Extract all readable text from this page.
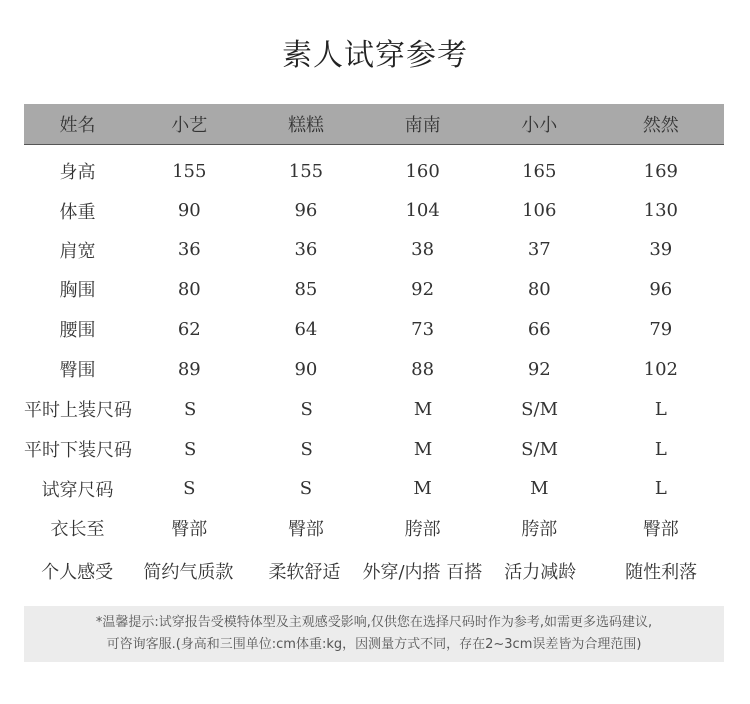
素人试穿参考
姓名	小艺	糕糕	南南	小小	然然
身高	155	155	160	165	169
体重	90	96	104	106	130
肩宽	36	36	38	37	39
胸围	80	85	92	80	96
腰围	62	64	73	66	79
臀围	89	90	88	92	102
平时上装尺码	S	S	M	S/M	L
平时下装尺码	S	S	M	S/M	L
试穿尺码	S	S	M	M	L
衣长至	臀部	臀部	胯部	胯部	臀部
个人感受	简约气质款	柔软舒适	外穿/内搭 百搭	活力减龄	随性利落
*温馨提示:试穿报告受模特体型及主观感受影响,仅供您在选择尺码时作为参考,如需更多选码建议,
可咨询客服.(身高和三围单位:cm体重:kg，因测量方式不同，存在2~3cm误差皆为合理范围)
